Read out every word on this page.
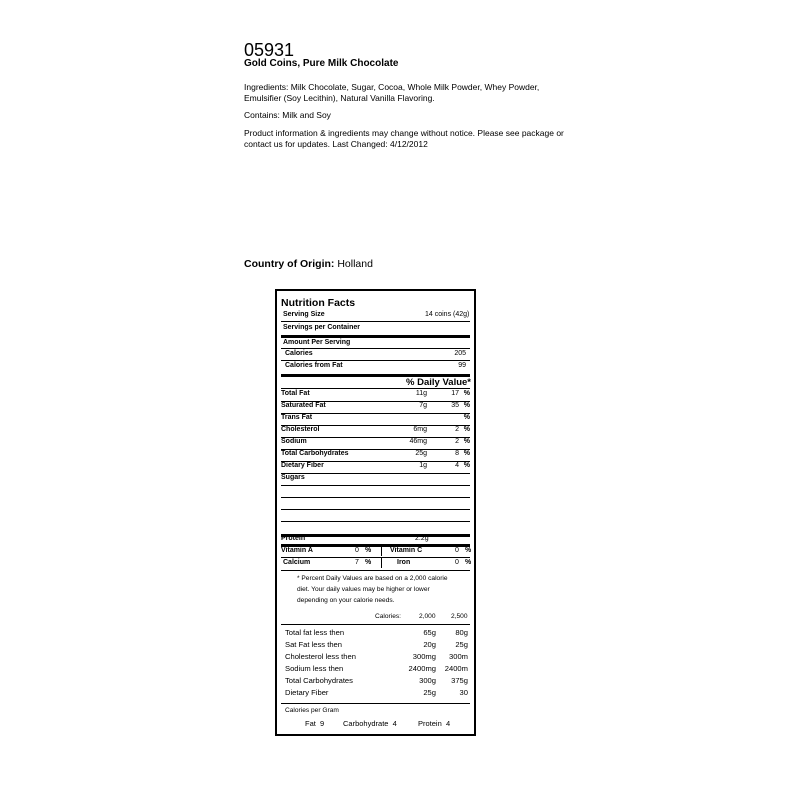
05931
Gold Coins, Pure Milk Chocolate
Ingredients: Milk Chocolate, Sugar, Cocoa, Whole Milk Powder, Whey Powder,
Emulsifier (Soy Lecithin), Natural Vanilla Flavoring.
Contains: Milk and Soy
Product information & ingredients may change without notice. Please see package or
contact us for updates. Last Changed: 4/12/2012
Country of Origin: Holland
Nutrition Facts
Serving Size	14 coins (42g)
Servings per Container
Amount Per Serving
Calories	205
Calories from Fat	99
% Daily Value*
Total Fat	11g	17 %
Saturated Fat	7g	35 %
Trans Fat	%
Cholesterol	6mg	2 %
Sodium	46mg	2 %
Total Carbohydrates	25g	8 %
Dietary Fiber	1g	4 %
Sugars
Protein	2.2g
Vitamin A	0 %	Vitamin C	0 %
Calcium	7 %	Iron	0 %
* Percent Daily Values are based on a 2,000 calorie
diet. Your daily values may be higher or lower
depending on your calorie needs.
Calories:	2,000 2,500
Total fat less then	65g	80g
Sat Fat less then	20g	25g
Cholesterol less then	300mg 300m
Sodium less then	2400mg 2400m
Total Carbohydrates	300g 375g
Dietary Fiber	25g	30
Calories per Gram
Fat 9	Carbohydrate 4	Protein 4
